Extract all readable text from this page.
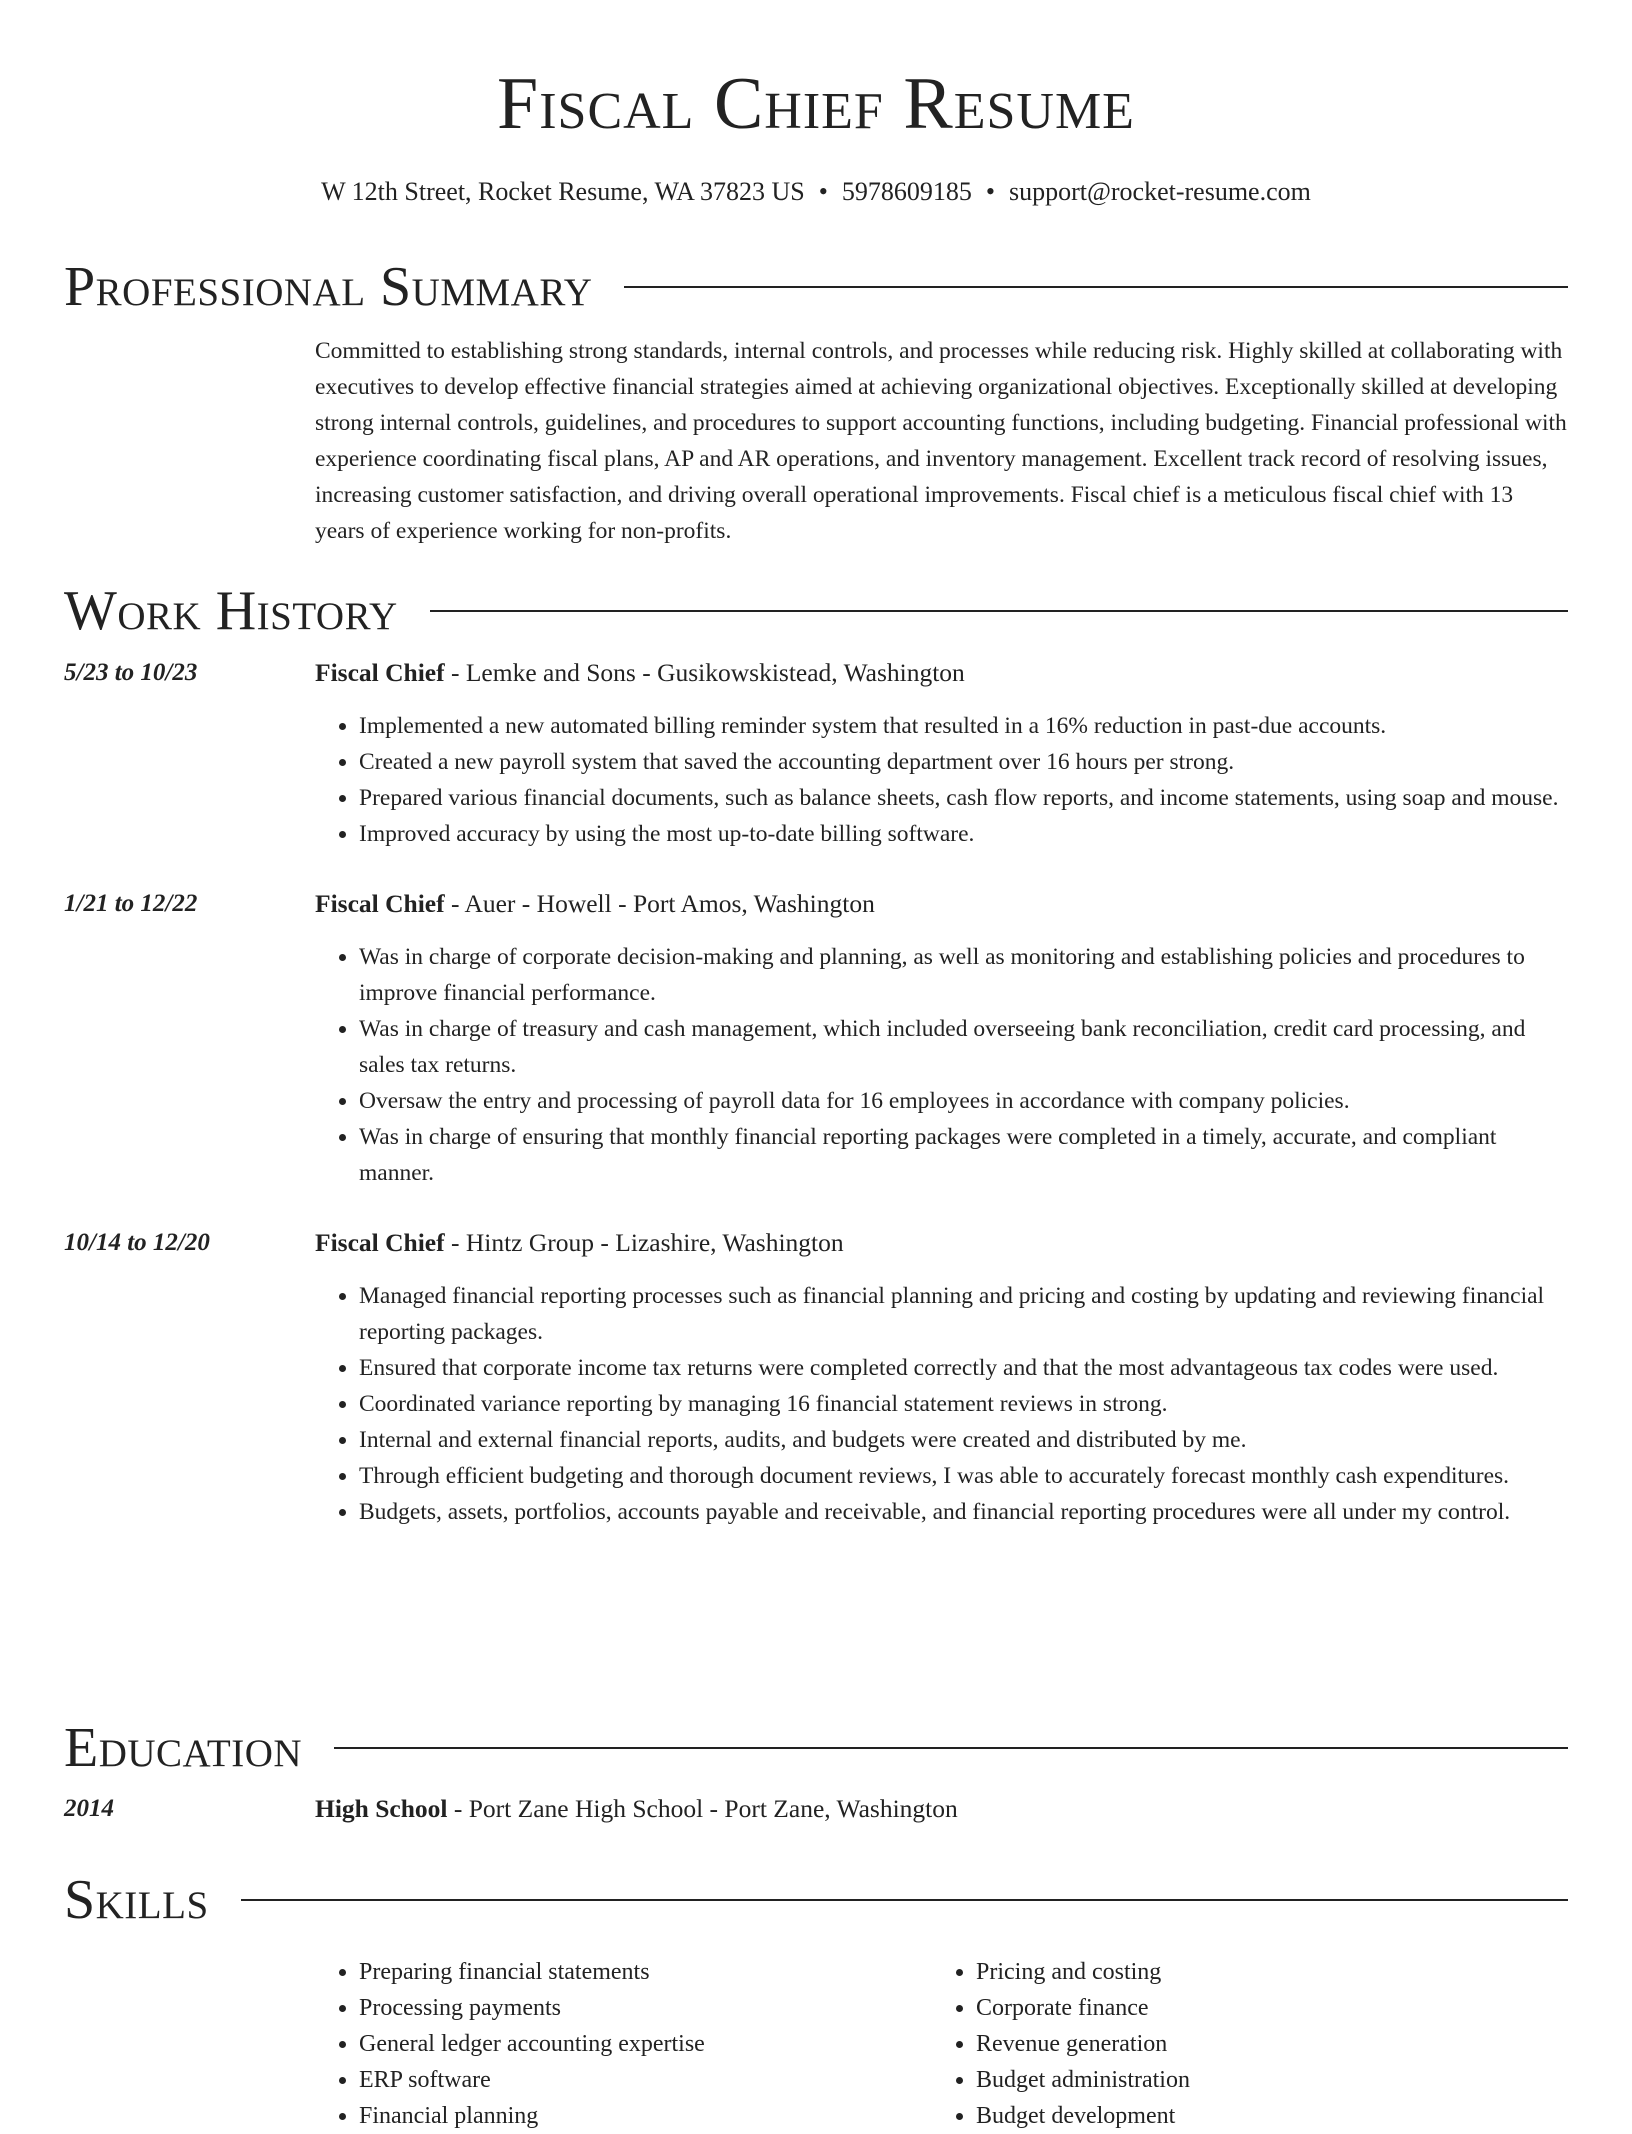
Fiscal Chief Resume
W 12th Street, Rocket Resume, WA 37823 US • 5978609185 • support@rocket-resume.com
Professional Summary
Committed to establishing strong standards, internal controls, and processes while reducing risk. Highly skilled at collaborating with executives to develop effective financial strategies aimed at achieving organizational objectives. Exceptionally skilled at developing strong internal controls, guidelines, and procedures to support accounting functions, including budgeting. Financial professional with experience coordinating fiscal plans, AP and AR operations, and inventory management. Excellent track record of resolving issues, increasing customer satisfaction, and driving overall operational improvements. Fiscal chief is a meticulous fiscal chief with 13 years of experience working for non-profits.
Work History
5/23 to 10/23	Fiscal Chief - Lemke and Sons - Gusikowskistead, Washington
• Implemented a new automated billing reminder system that resulted in a 16% reduction in past-due accounts.
• Created a new payroll system that saved the accounting department over 16 hours per strong.
• Prepared various financial documents, such as balance sheets, cash flow reports, and income statements, using soap and mouse.
• Improved accuracy by using the most up-to-date billing software.
1/21 to 12/22	Fiscal Chief - Auer - Howell - Port Amos, Washington
• Was in charge of corporate decision-making and planning, as well as monitoring and establishing policies and procedures to improve financial performance.
• Was in charge of treasury and cash management, which included overseeing bank reconciliation, credit card processing, and sales tax returns.
• Oversaw the entry and processing of payroll data for 16 employees in accordance with company policies.
• Was in charge of ensuring that monthly financial reporting packages were completed in a timely, accurate, and compliant manner.
10/14 to 12/20	Fiscal Chief - Hintz Group - Lizashire, Washington
• Managed financial reporting processes such as financial planning and pricing and costing by updating and reviewing financial reporting packages.
• Ensured that corporate income tax returns were completed correctly and that the most advantageous tax codes were used.
• Coordinated variance reporting by managing 16 financial statement reviews in strong.
• Internal and external financial reports, audits, and budgets were created and distributed by me.
• Through efficient budgeting and thorough document reviews, I was able to accurately forecast monthly cash expenditures.
• Budgets, assets, portfolios, accounts payable and receivable, and financial reporting procedures were all under my control.
Education
2014	High School - Port Zane High School - Port Zane, Washington
Skills
• Preparing financial statements
• Processing payments
• General ledger accounting expertise
• ERP software
• Financial planning
• Pricing and costing
• Corporate finance
• Revenue generation
• Budget administration
• Budget development
